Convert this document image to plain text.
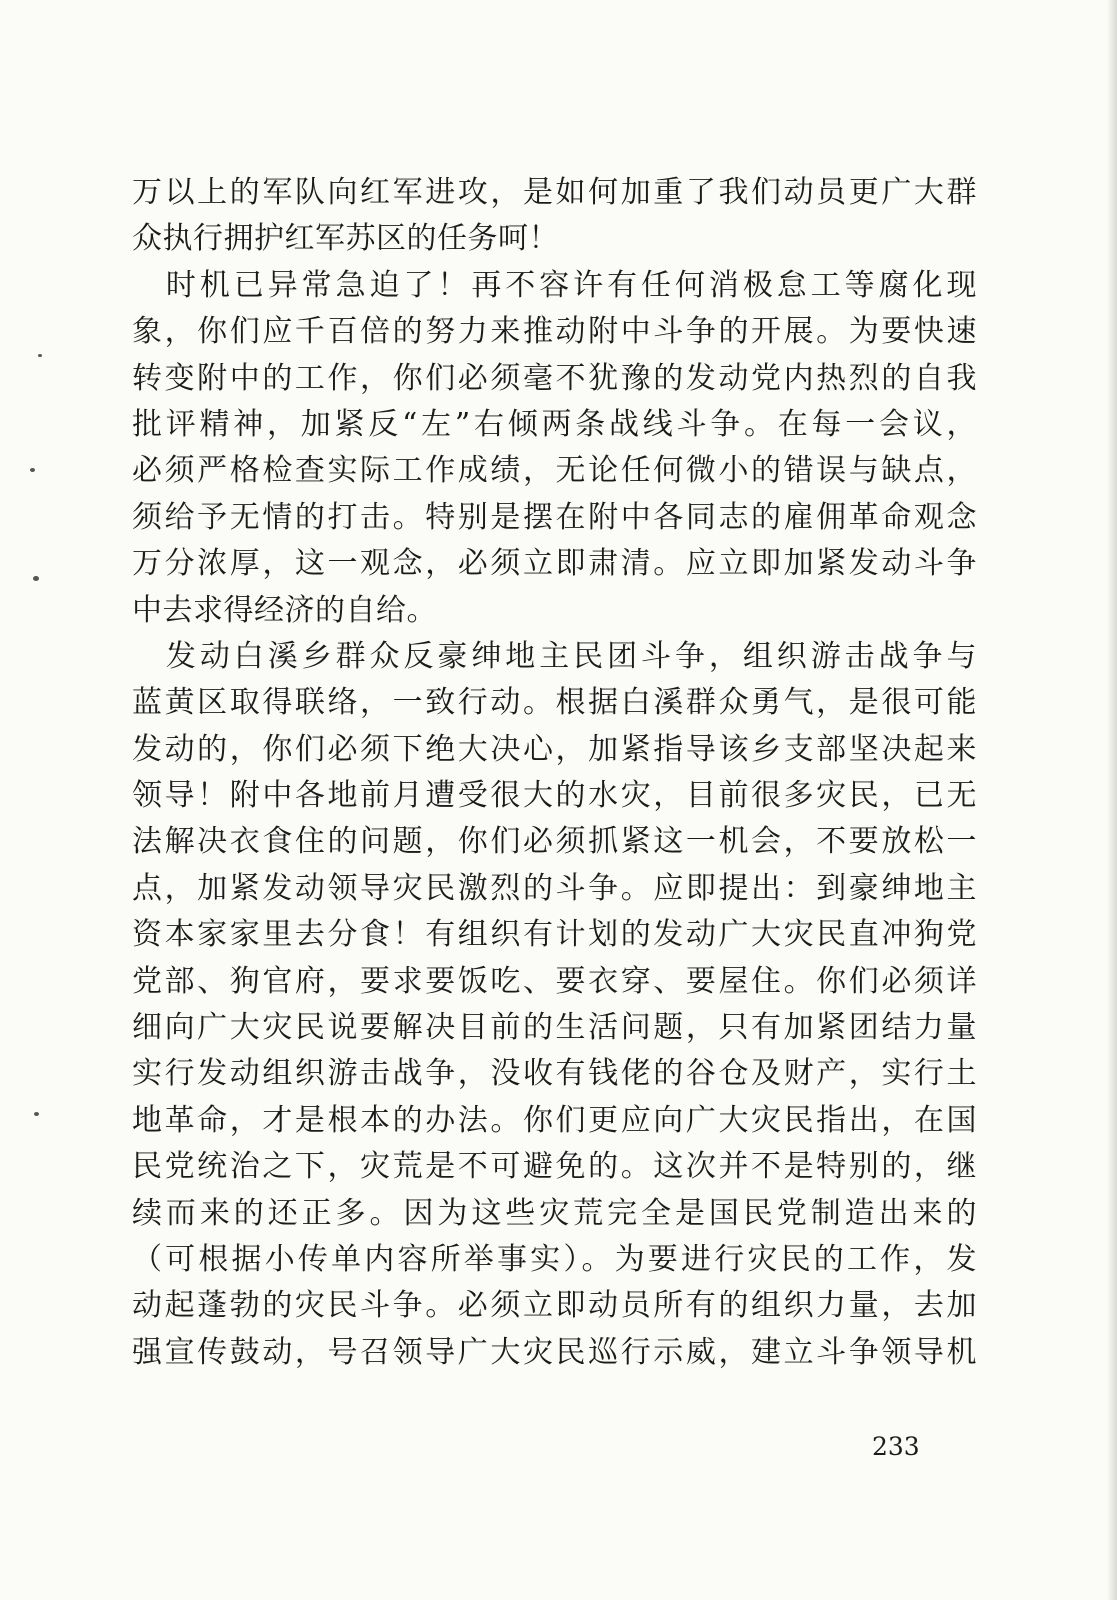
万以上的军队向红军进攻，是如何加重了我们动员更广大群
众执行拥护红军苏区的任务呵！
　时机已异常急迫了！再不容许有任何消极怠工等腐化现
象，你们应千百倍的努力来推动附中斗争的开展。为要快速
转变附中的工作，你们必须毫不犹豫的发动党内热烈的自我
批评精神，加紧反“左”右倾两条战线斗争。在每一会议，
必须严格检查实际工作成绩，无论任何微小的错误与缺点，
须给予无情的打击。特别是摆在附中各同志的雇佣革命观念
万分浓厚，这一观念，必须立即肃清。应立即加紧发动斗争
中去求得经济的自给。
　发动白溪乡群众反豪绅地主民团斗争，组织游击战争与
蓝黄区取得联络，一致行动。根据白溪群众勇气，是很可能
发动的，你们必须下绝大决心，加紧指导该乡支部坚决起来
领导！附中各地前月遭受很大的水灾，目前很多灾民，已无
法解决衣食住的问题，你们必须抓紧这一机会，不要放松一
点，加紧发动领导灾民激烈的斗争。应即提出：到豪绅地主
资本家家里去分食！有组织有计划的发动广大灾民直冲狗党
党部、狗官府，要求要饭吃、要衣穿、要屋住。你们必须详
细向广大灾民说要解决目前的生活问题，只有加紧团结力量
实行发动组织游击战争，没收有钱佬的谷仓及财产，实行土
地革命，才是根本的办法。你们更应向广大灾民指出，在国
民党统治之下，灾荒是不可避免的。这次并不是特别的，继
续而来的还正多。因为这些灾荒完全是国民党制造出来的
（可根据小传单内容所举事实）。为要进行灾民的工作，发
动起蓬勃的灾民斗争。必须立即动员所有的组织力量，去加
强宣传鼓动，号召领导广大灾民巡行示威，建立斗争领导机
233
